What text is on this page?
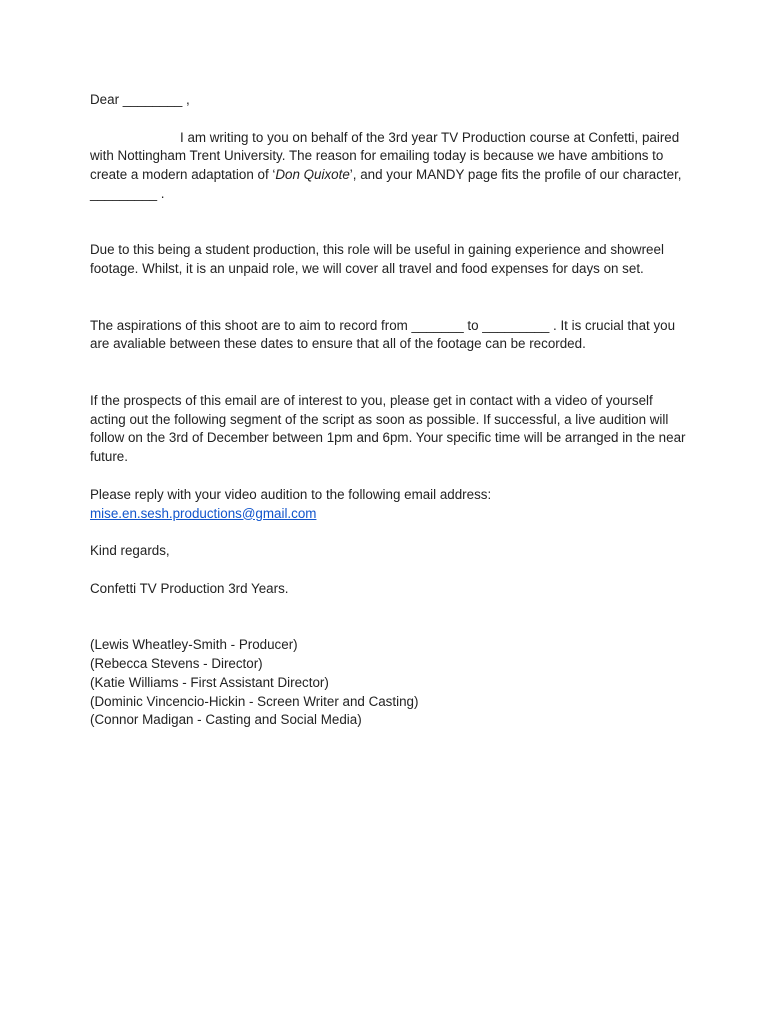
Dear ________ ,

I am writing to you on behalf of the 3rd year TV Production course at Confetti, paired with Nottingham Trent University. The reason for emailing today is because we have ambitions to create a modern adaptation of ‘Don Quixote’, and your MANDY page fits the profile of our character, _________ .

Due to this being a student production, this role will be useful in gaining experience and showreel footage. Whilst, it is an unpaid role, we will cover all travel and food expenses for days on set.

The aspirations of this shoot are to aim to record from _______ to _________ . It is crucial that you are avaliable between these dates to ensure that all of the footage can be recorded.

If the prospects of this email are of interest to you, please get in contact with a video of yourself acting out the following segment of the script as soon as possible. If successful, a live audition will follow on the 3rd of December between 1pm and 6pm. Your specific time will be arranged in the near future.

Please reply with your video audition to the following email address:

mise.en.sesh.productions@gmail.com

Kind regards,

Confetti TV Production 3rd Years.

(Lewis Wheatley-Smith - Producer)
(Rebecca Stevens - Director)
(Katie Williams - First Assistant Director)
(Dominic Vincencio-Hickin - Screen Writer and Casting)
(Connor Madigan - Casting and Social Media)
